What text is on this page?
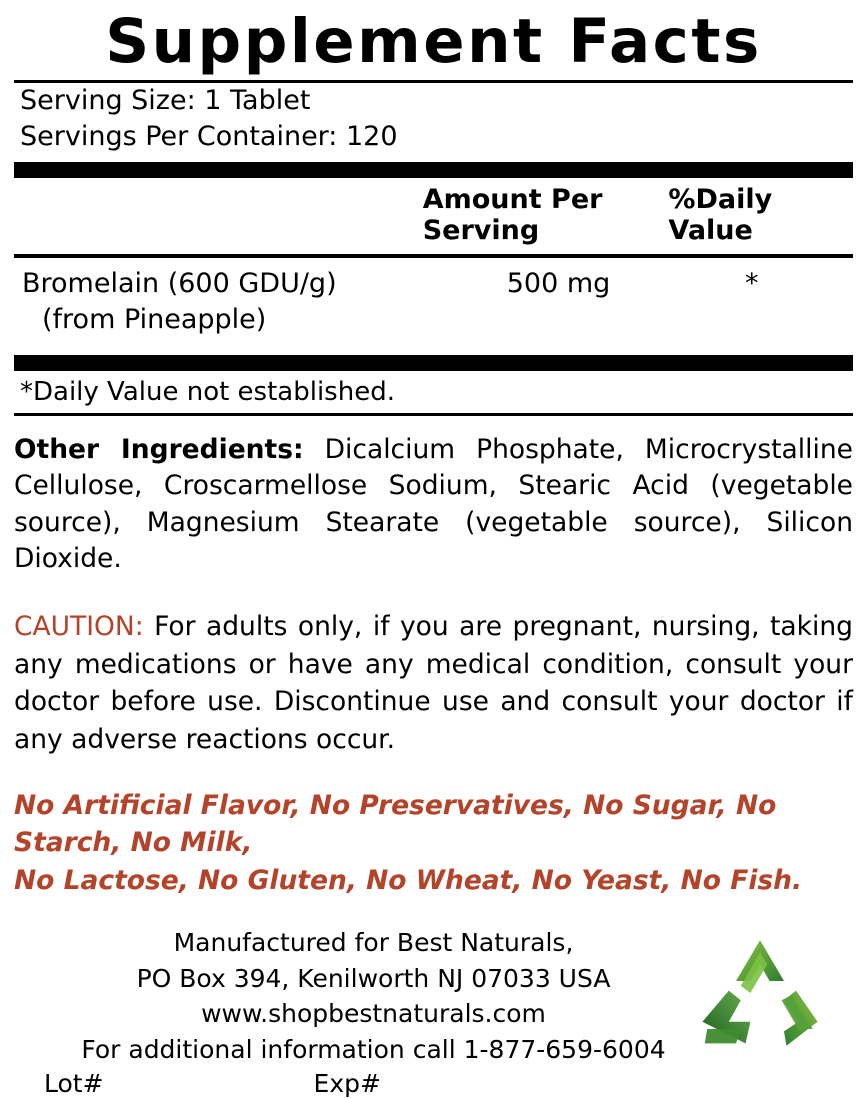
Supplement Facts
Serving Size: 1 Tablet
Servings Per Container: 120
	Amount Per Serving	%Daily Value
Bromelain (600 GDU/g)
(from Pineapple)
	500 mg	*
*Daily Value not established.

Other Ingredients: Dicalcium Phosphate, Microcrystalline Cellulose, Croscarmellose Sodium, Stearic Acid (vegetable source), Magnesium Stearate (vegetable source), Silicon Dioxide.

CAUTION: For adults only, if you are pregnant, nursing, taking any medications or have any medical condition, consult your doctor before use. Discontinue use and consult your doctor if any adverse reactions occur.

No Artificial Flavor, No Preservatives, No Sugar, No Starch, No Milk,
No Lactose, No Gluten, No Wheat, No Yeast, No Fish.
Manufactured for Best Naturals,
PO Box 394, Kenilworth NJ 07033 USA
www.shopbestnaturals.com
For additional information call 1-877-659-6004
Lot#	Exp#
